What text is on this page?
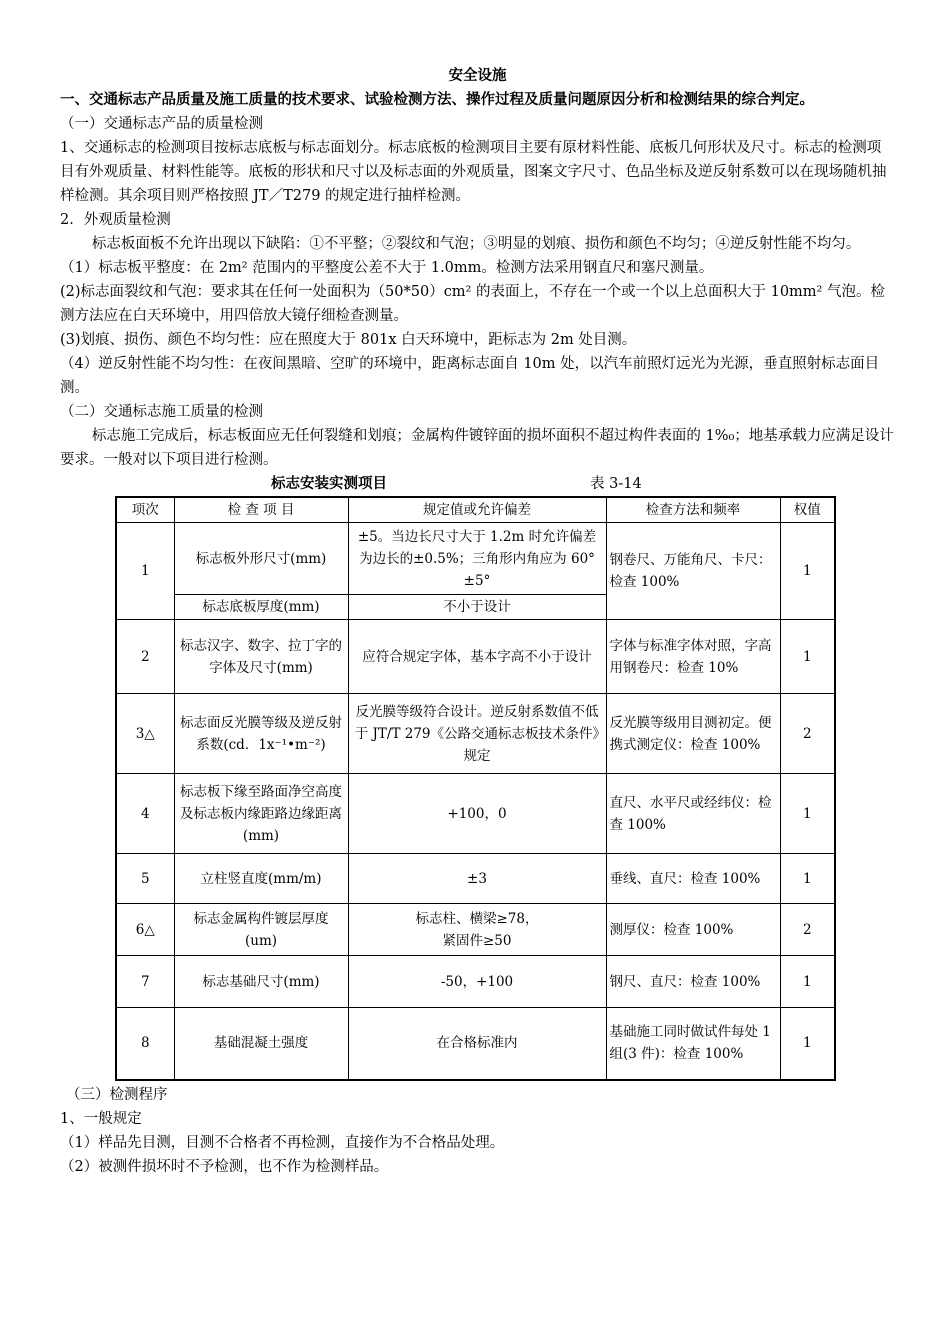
安全设施
一、交通标志产品质量及施工质量的技术要求、试验检测方法、操作过程及质量问题原因分析和检测结果的综合判定。
（一）交通标志产品的质量检测
1、交通标志的检测项目按标志底板与标志面划分。标志底板的检测项目主要有原材料性能、底板几何形状及尺寸。标志的检测项目有外观质量、材料性能等。底板的形状和尺寸以及标志面的外观质量，图案文字尺寸、色品坐标及逆反射系数可以在现场随机抽样检测。其余项目则严格按照 JT／T279 的规定进行抽样检测。
2．外观质量检测
标志板面板不允许出现以下缺陷：①不平整；②裂纹和气泡；③明显的划痕、损伤和颜色不均匀；④逆反射性能不均匀。
（1）标志板平整度：在 2m² 范围内的平整度公差不大于 1.0mm。检测方法采用钢直尺和塞尺测量。
(2)标志面裂纹和气泡：要求其在任何一处面积为（50*50）cm² 的表面上，不存在一个或一个以上总面积大于 10mm² 气泡。检测方法应在白天环境中，用四倍放大镜仔细检查测量。
(3)划痕、损伤、颜色不均匀性：应在照度大于 801x 白天环境中，距标志为 2m 处目测。
（4）逆反射性能不均匀性：在夜间黑暗、空旷的环境中，距离标志面自 10m 处，以汽车前照灯远光为光源，垂直照射标志面目测。
（二）交通标志施工质量的检测
标志施工完成后，标志板面应无任何裂缝和划痕；金属构件镀锌面的损坏面积不超过构件表面的 1%₀；地基承载力应满足设计要求。一般对以下项目进行检测。
标志安装实测项目	表 3-14
项次	检 查 项 目	规定值或允许偏差	检查方法和频率	权值
1	标志板外形尺寸(mm)	±5。当边长尺寸大于 1.2m 时允许偏差为边长的±0.5%；三角形内角应为 60° ±5°	钢卷尺、万能角尺、卡尺：检查 100%	1
	标志底板厚度(mm)	不小于设计		
2	标志汉字、数字、拉丁字的字体及尺寸(mm)	应符合规定字体，基本字高不小于设计	字体与标准字体对照，字高用钢卷尺：检查 10%	1
3△	标志面反光膜等级及逆反射系数(cd．1x⁻¹•m⁻²)	反光膜等级符合设计。逆反射系数值不低于 JT/T 279《公路交通标志板技术条件》规定	反光膜等级用目测初定。便携式测定仪：检查 100%	2
4	标志板下缘至路面净空高度及标志板内缘距路边缘距离(mm)	+100，0	直尺、水平尺或经纬仪：检查 100%	1
5	立柱竖直度(mm/m)	±3	垂线、直尺：检查 100%	1
6△	标志金属构件镀层厚度(um)	标志柱、横梁≥78，
紧固件≥50	测厚仪：检查 100%	2
7	标志基础尺寸(mm)	-50，+100	钢尺、直尺：检查 100%	1
8	基础混凝土强度	在合格标准内	基础施工同时做试件每处 1 组(3 件)：检查 100%	1
（三）检测程序
1、一般规定
（1）样品先目测，目测不合格者不再检测，直接作为不合格品处理。
（2）被测件损坏时不予检测，也不作为检测样品。
